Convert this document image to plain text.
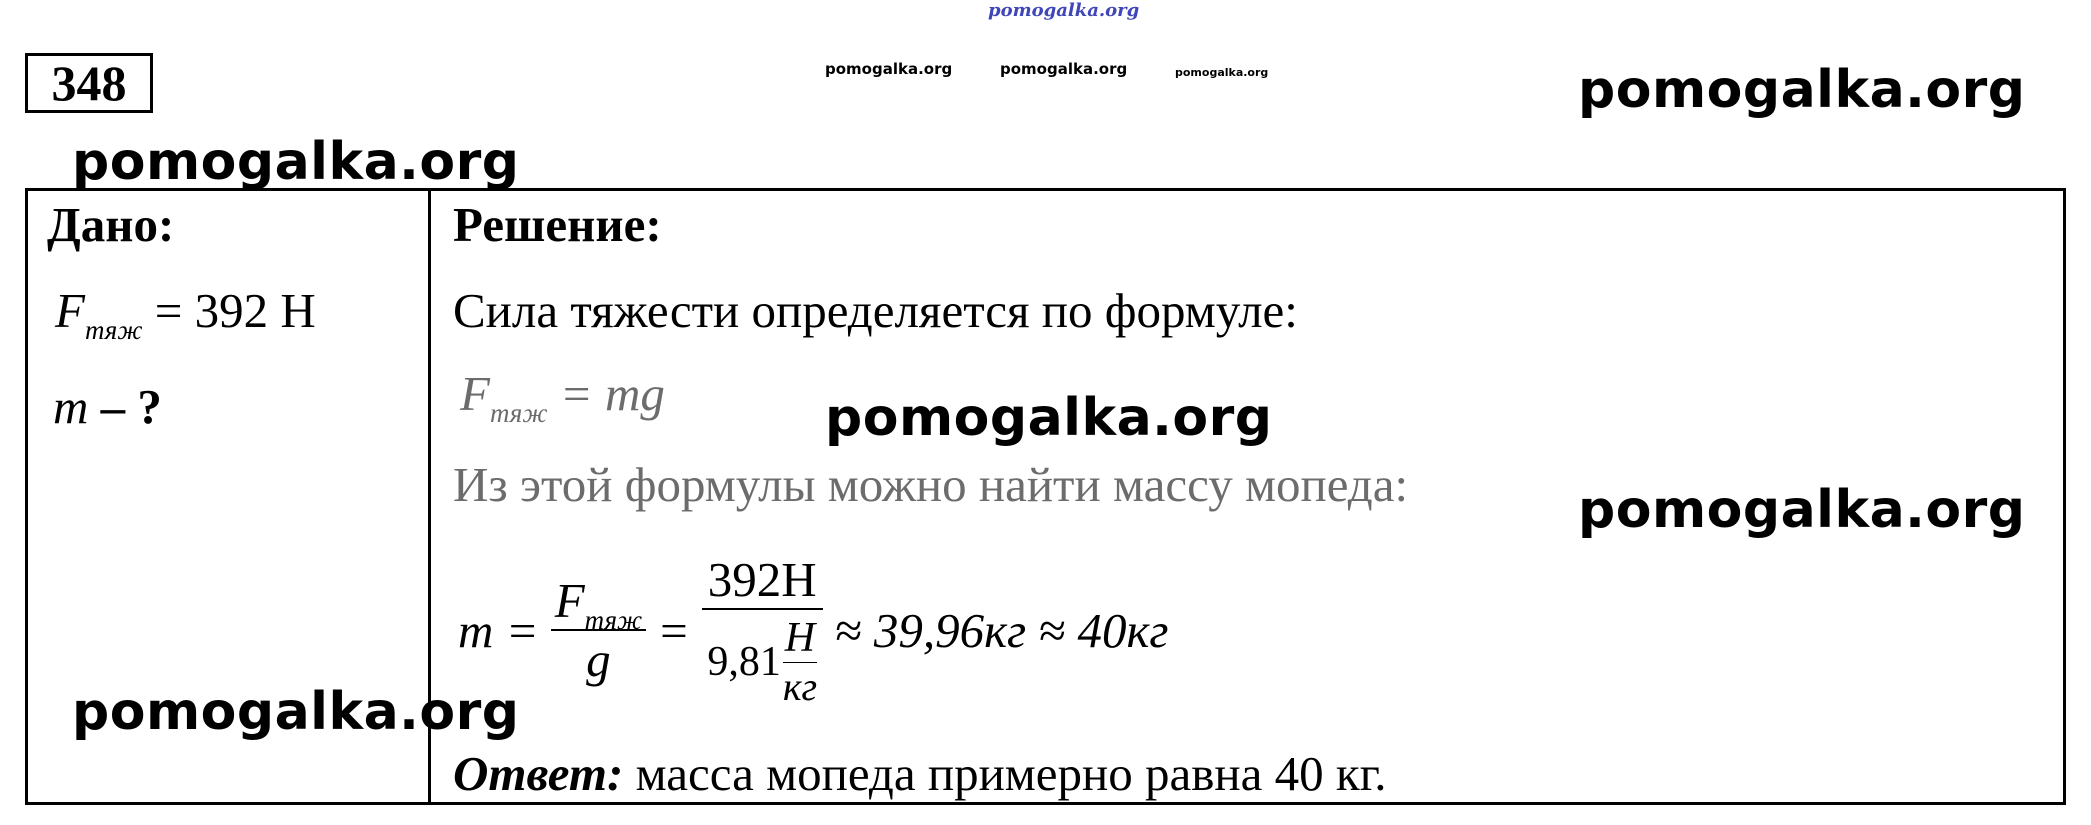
pomogalka.org
pomogalka.org	pomogalka.org	pomogalka.org
348	pomogalka.org
pomogalka.org
Дано:
$F_{тяж} = 392$ Н
m – ?
Решение:
Сила тяжести определяется по формуле:
$F_{тяж}$ = mg	pomogalka.org
Из этой формулы можно найти массу мопеда:	pomogalka.org
$m = \frac{F_{тяж}}{g} = \frac{392H}{9,81 \frac{H}{кг}} \approx 39,96кг \approx 40кг$
pomogalka.org
Ответ: масса мопеда примерно равна 40 кг.
